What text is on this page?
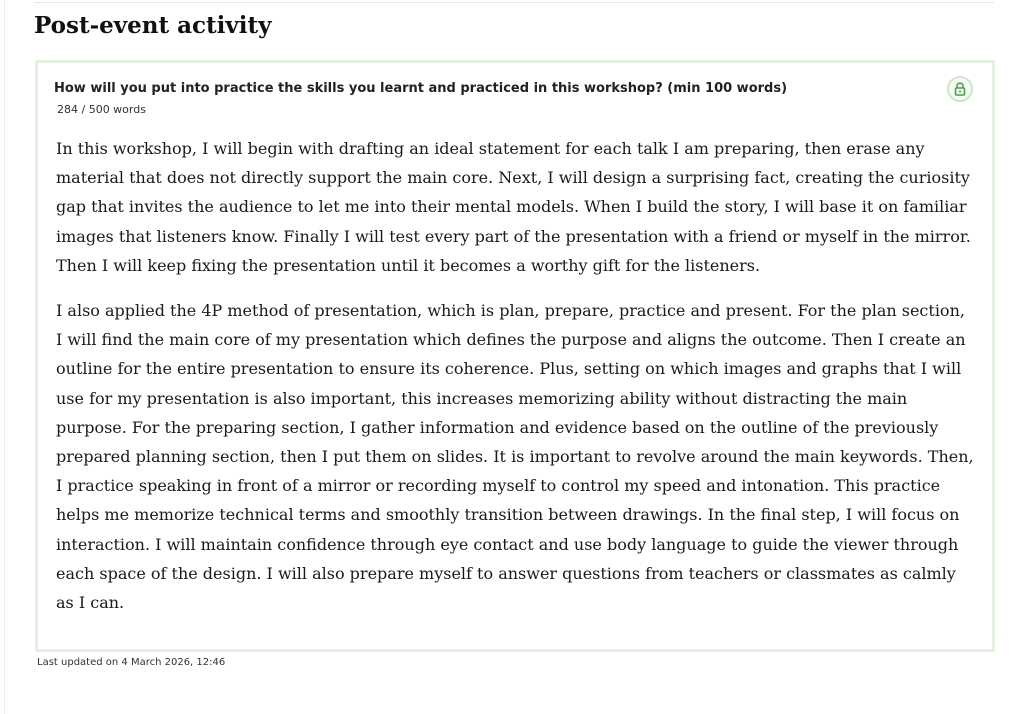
Post-event activity

How will you put into practice the skills you learnt and practiced in this workshop? (min 100 words)

284 / 500 words

In this workshop, I will begin with drafting an ideal statement for each talk I am preparing, then erase any material that does not directly support the main core. Next, I will design a surprising fact, creating the curiosity gap that invites the audience to let me into their mental models. When I build the story, I will base it on familiar images that listeners know. Finally I will test every part of the presentation with a friend or myself in the mirror. Then I will keep fixing the presentation until it becomes a worthy gift for the listeners.

I also applied the 4P method of presentation, which is plan, prepare, practice and present. For the plan section, I will find the main core of my presentation which defines the purpose and aligns the outcome. Then I create an outline for the entire presentation to ensure its coherence. Plus, setting on which images and graphs that I will use for my presentation is also important, this increases memorizing ability without distracting the main purpose. For the preparing section, I gather information and evidence based on the outline of the previously prepared planning section, then I put them on slides. It is important to revolve around the main keywords. Then, I practice speaking in front of a mirror or recording myself to control my speed and intonation. This practice helps me memorize technical terms and smoothly transition between drawings. In the final step, I will focus on interaction. I will maintain confidence through eye contact and use body language to guide the viewer through each space of the design. I will also prepare myself to answer questions from teachers or classmates as calmly as I can.

Last updated on 4 March 2026, 12:46
